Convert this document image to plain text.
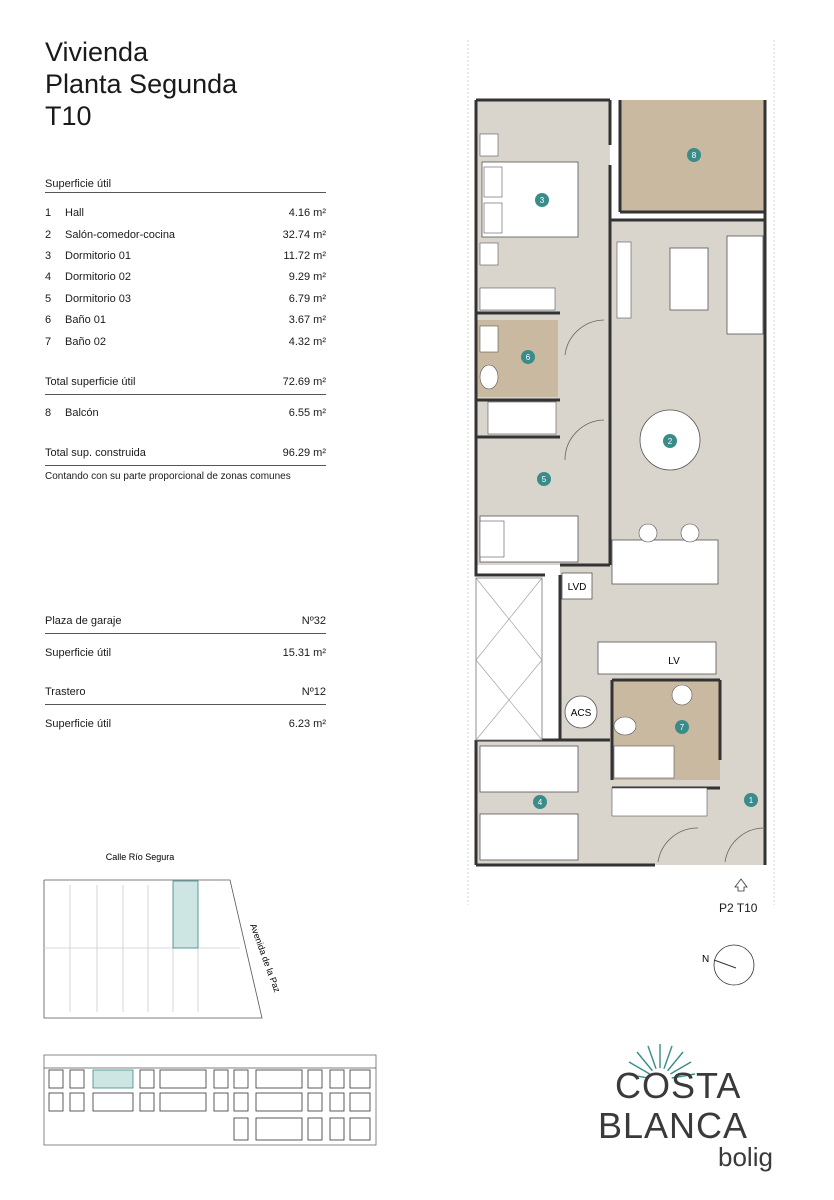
Vivienda
Planta Segunda
T10
Superficie útil
1 Hall	4.16 m²
2 Salón-comedor-cocina	32.74 m²
3 Dormitorio 01	11.72 m²
4 Dormitorio 02	9.29 m²
5 Dormitorio 03	6.79 m²
6 Baño 01	3.67 m²
7 Baño 02	4.32 m²
Total superficie útil	72.69 m²
8 Balcón	6.55 m²
Total sup. construida	96.29 m²
Contando con su parte proporcional de zonas comunes
Plaza de garaje	Nº32
Superficie útil	15.31 m²
Trastero	Nº12
Superficie útil	6.23 m²
LVD
LV
ACS
1
2
3
4
5
6
7
8
N
Calle Río Segura
Avenida de la Paz
P2 T10
COSTA
BLANCA
bolig
